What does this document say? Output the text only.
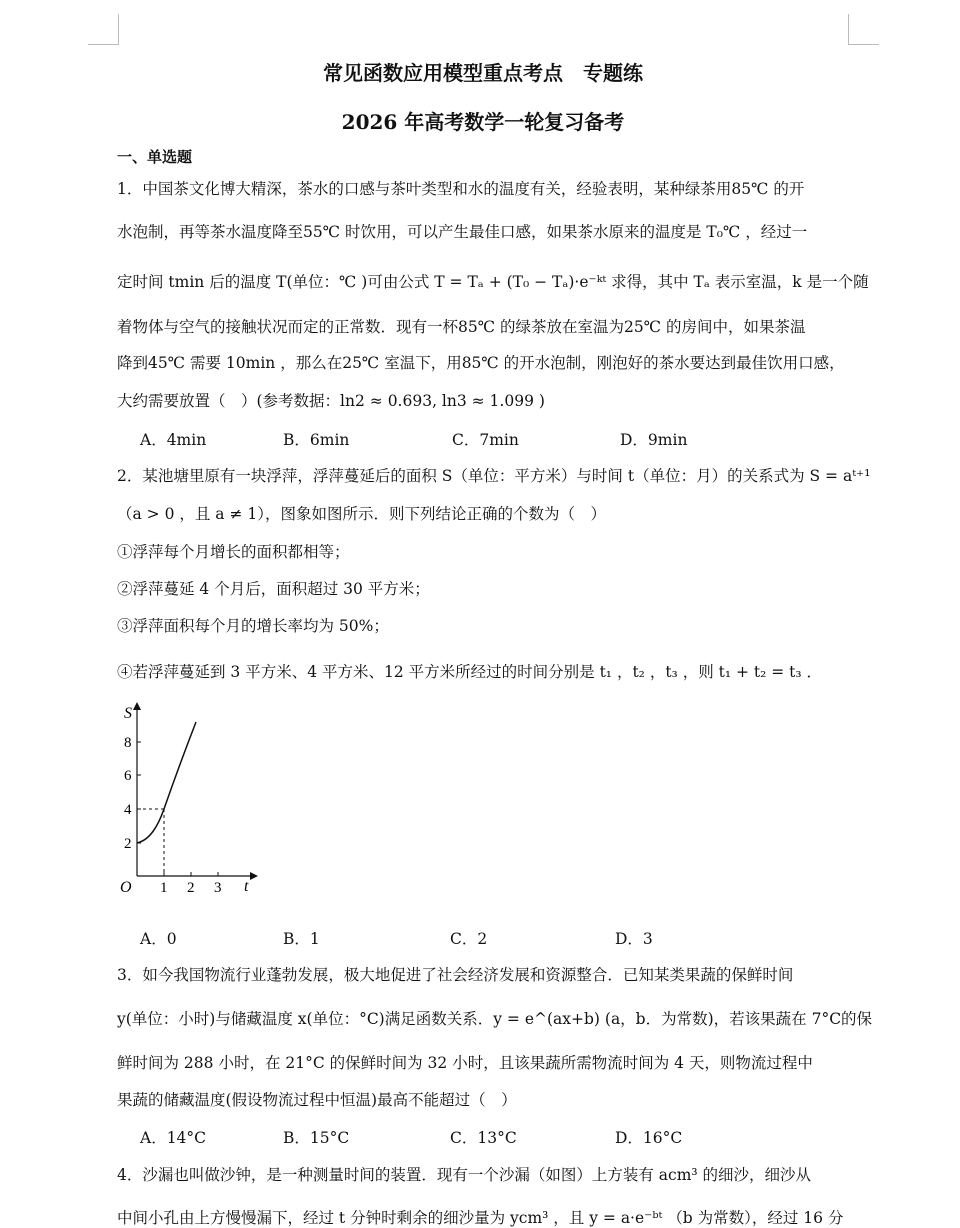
常见函数应用模型重点考点　专题练
2026 年高考数学一轮复习备考
一、单选题
1．中国茶文化博大精深，茶水的口感与茶叶类型和水的温度有关，经验表明，某种绿茶用85℃ 的开
水泡制，再等茶水温度降至55℃ 时饮用，可以产生最佳口感，如果茶水原来的温度是 T₀℃ ，经过一
定时间 tmin 后的温度 T(单位：℃ )可由公式 T = Tₐ + (T₀ − Tₐ)·e⁻ᵏᵗ 求得，其中 Tₐ 表示室温，k 是一个随
着物体与空气的接触状况而定的正常数．现有一杯85℃ 的绿茶放在室温为25℃ 的房间中，如果茶温
降到45℃ 需要 10min ，那么在25℃ 室温下，用85℃ 的开水泡制，刚泡好的茶水要达到最佳饮用口感，
大约需要放置（　）(参考数据：ln2 ≈ 0.693, ln3 ≈ 1.099 )
A．4min	B．6min	C．7min	D．9min
2．某池塘里原有一块浮萍，浮萍蔓延后的面积 S（单位：平方米）与时间 t（单位：月）的关系式为 S = aᵗ⁺¹
（a > 0 ，且 a ≠ 1），图象如图所示．则下列结论正确的个数为（　）
①浮萍每个月增长的面积都相等；
②浮萍蔓延 4 个月后，面积超过 30 平方米；
③浮萍面积每个月的增长率均为 50%；
④若浮萍蔓延到 3 平方米、4 平方米、12 平方米所经过的时间分别是 t₁ ，t₂ ，t₃ ，则 t₁ + t₂ = t₃ ．
S
t
O
2
4
6
8
1 2 3
A．0	B．1	C．2	D．3
3．如今我国物流行业蓬勃发展，极大地促进了社会经济发展和资源整合．已知某类果蔬的保鲜时间
y(单位：小时)与储藏温度 x(单位：°C)满足函数关系．y = e^(ax+b) (a，b．为常数)，若该果蔬在 7°C的保
鲜时间为 288 小时，在 21°C 的保鲜时间为 32 小时，且该果蔬所需物流时间为 4 天，则物流过程中
果蔬的储藏温度(假设物流过程中恒温)最高不能超过（　）
A．14°C	B．15°C	C．13°C	D．16°C
4．沙漏也叫做沙钟，是一种测量时间的装置．现有一个沙漏（如图）上方装有 acm³ 的细沙，细沙从
中间小孔由上方慢慢漏下，经过 t 分钟时剩余的细沙量为 ycm³ ，且 y = a·e⁻ᵇᵗ （b 为常数），经过 16 分
